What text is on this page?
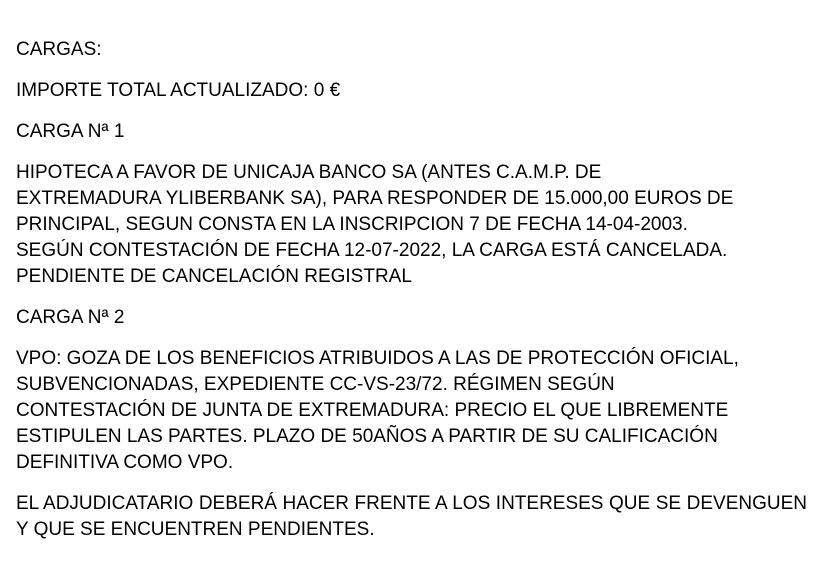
CARGAS:

IMPORTE TOTAL ACTUALIZADO: 0 €

CARGA Nª 1

HIPOTECA A FAVOR DE UNICAJA BANCO SA (ANTES C.A.M.P. DE
EXTREMADURA YLIBERBANK SA), PARA RESPONDER DE 15.000,00 EUROS DE
PRINCIPAL, SEGUN CONSTA EN LA INSCRIPCION 7 DE FECHA 14-04-2003.
SEGÚN CONTESTACIÓN DE FECHA 12-07-2022, LA CARGA ESTÁ CANCELADA.
PENDIENTE DE CANCELACIÓN REGISTRAL

CARGA Nª 2

VPO: GOZA DE LOS BENEFICIOS ATRIBUIDOS A LAS DE PROTECCIÓN OFICIAL,
SUBVENCIONADAS, EXPEDIENTE CC-VS-23/72. RÉGIMEN SEGÚN
CONTESTACIÓN DE JUNTA DE EXTREMADURA: PRECIO EL QUE LIBREMENTE
ESTIPULEN LAS PARTES. PLAZO DE 50AÑOS A PARTIR DE SU CALIFICACIÓN
DEFINITIVA COMO VPO.

EL ADJUDICATARIO DEBERÁ HACER FRENTE A LOS INTERESES QUE SE DEVENGUEN Y QUE SE ENCUENTREN PENDIENTES.
